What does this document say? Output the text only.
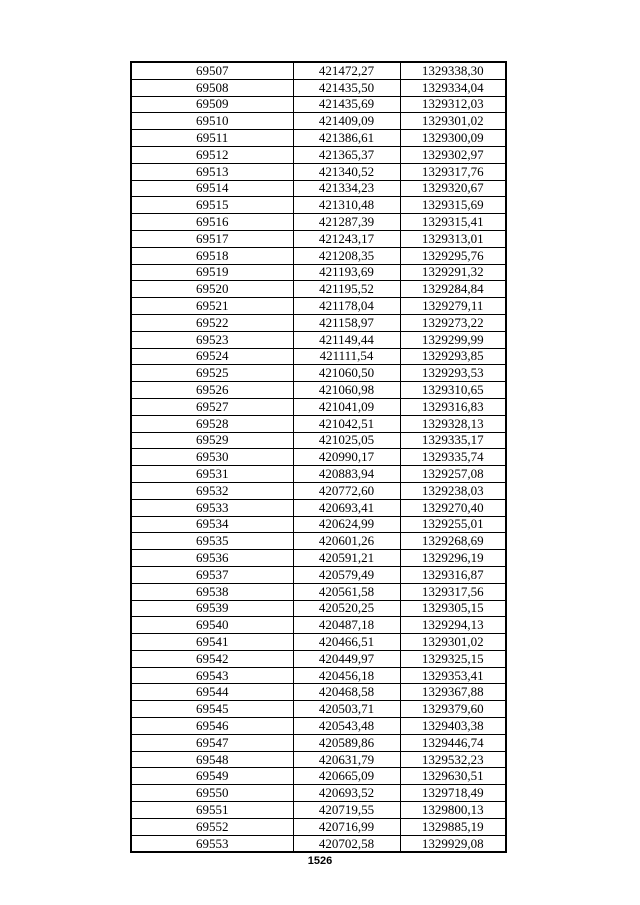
69507	421472,27	1329338,30
69508	421435,50	1329334,04
69509	421435,69	1329312,03
69510	421409,09	1329301,02
69511	421386,61	1329300,09
69512	421365,37	1329302,97
69513	421340,52	1329317,76
69514	421334,23	1329320,67
69515	421310,48	1329315,69
69516	421287,39	1329315,41
69517	421243,17	1329313,01
69518	421208,35	1329295,76
69519	421193,69	1329291,32
69520	421195,52	1329284,84
69521	421178,04	1329279,11
69522	421158,97	1329273,22
69523	421149,44	1329299,99
69524	421111,54	1329293,85
69525	421060,50	1329293,53
69526	421060,98	1329310,65
69527	421041,09	1329316,83
69528	421042,51	1329328,13
69529	421025,05	1329335,17
69530	420990,17	1329335,74
69531	420883,94	1329257,08
69532	420772,60	1329238,03
69533	420693,41	1329270,40
69534	420624,99	1329255,01
69535	420601,26	1329268,69
69536	420591,21	1329296,19
69537	420579,49	1329316,87
69538	420561,58	1329317,56
69539	420520,25	1329305,15
69540	420487,18	1329294,13
69541	420466,51	1329301,02
69542	420449,97	1329325,15
69543	420456,18	1329353,41
69544	420468,58	1329367,88
69545	420503,71	1329379,60
69546	420543,48	1329403,38
69547	420589,86	1329446,74
69548	420631,79	1329532,23
69549	420665,09	1329630,51
69550	420693,52	1329718,49
69551	420719,55	1329800,13
69552	420716,99	1329885,19
69553	420702,58	1329929,08
1526
